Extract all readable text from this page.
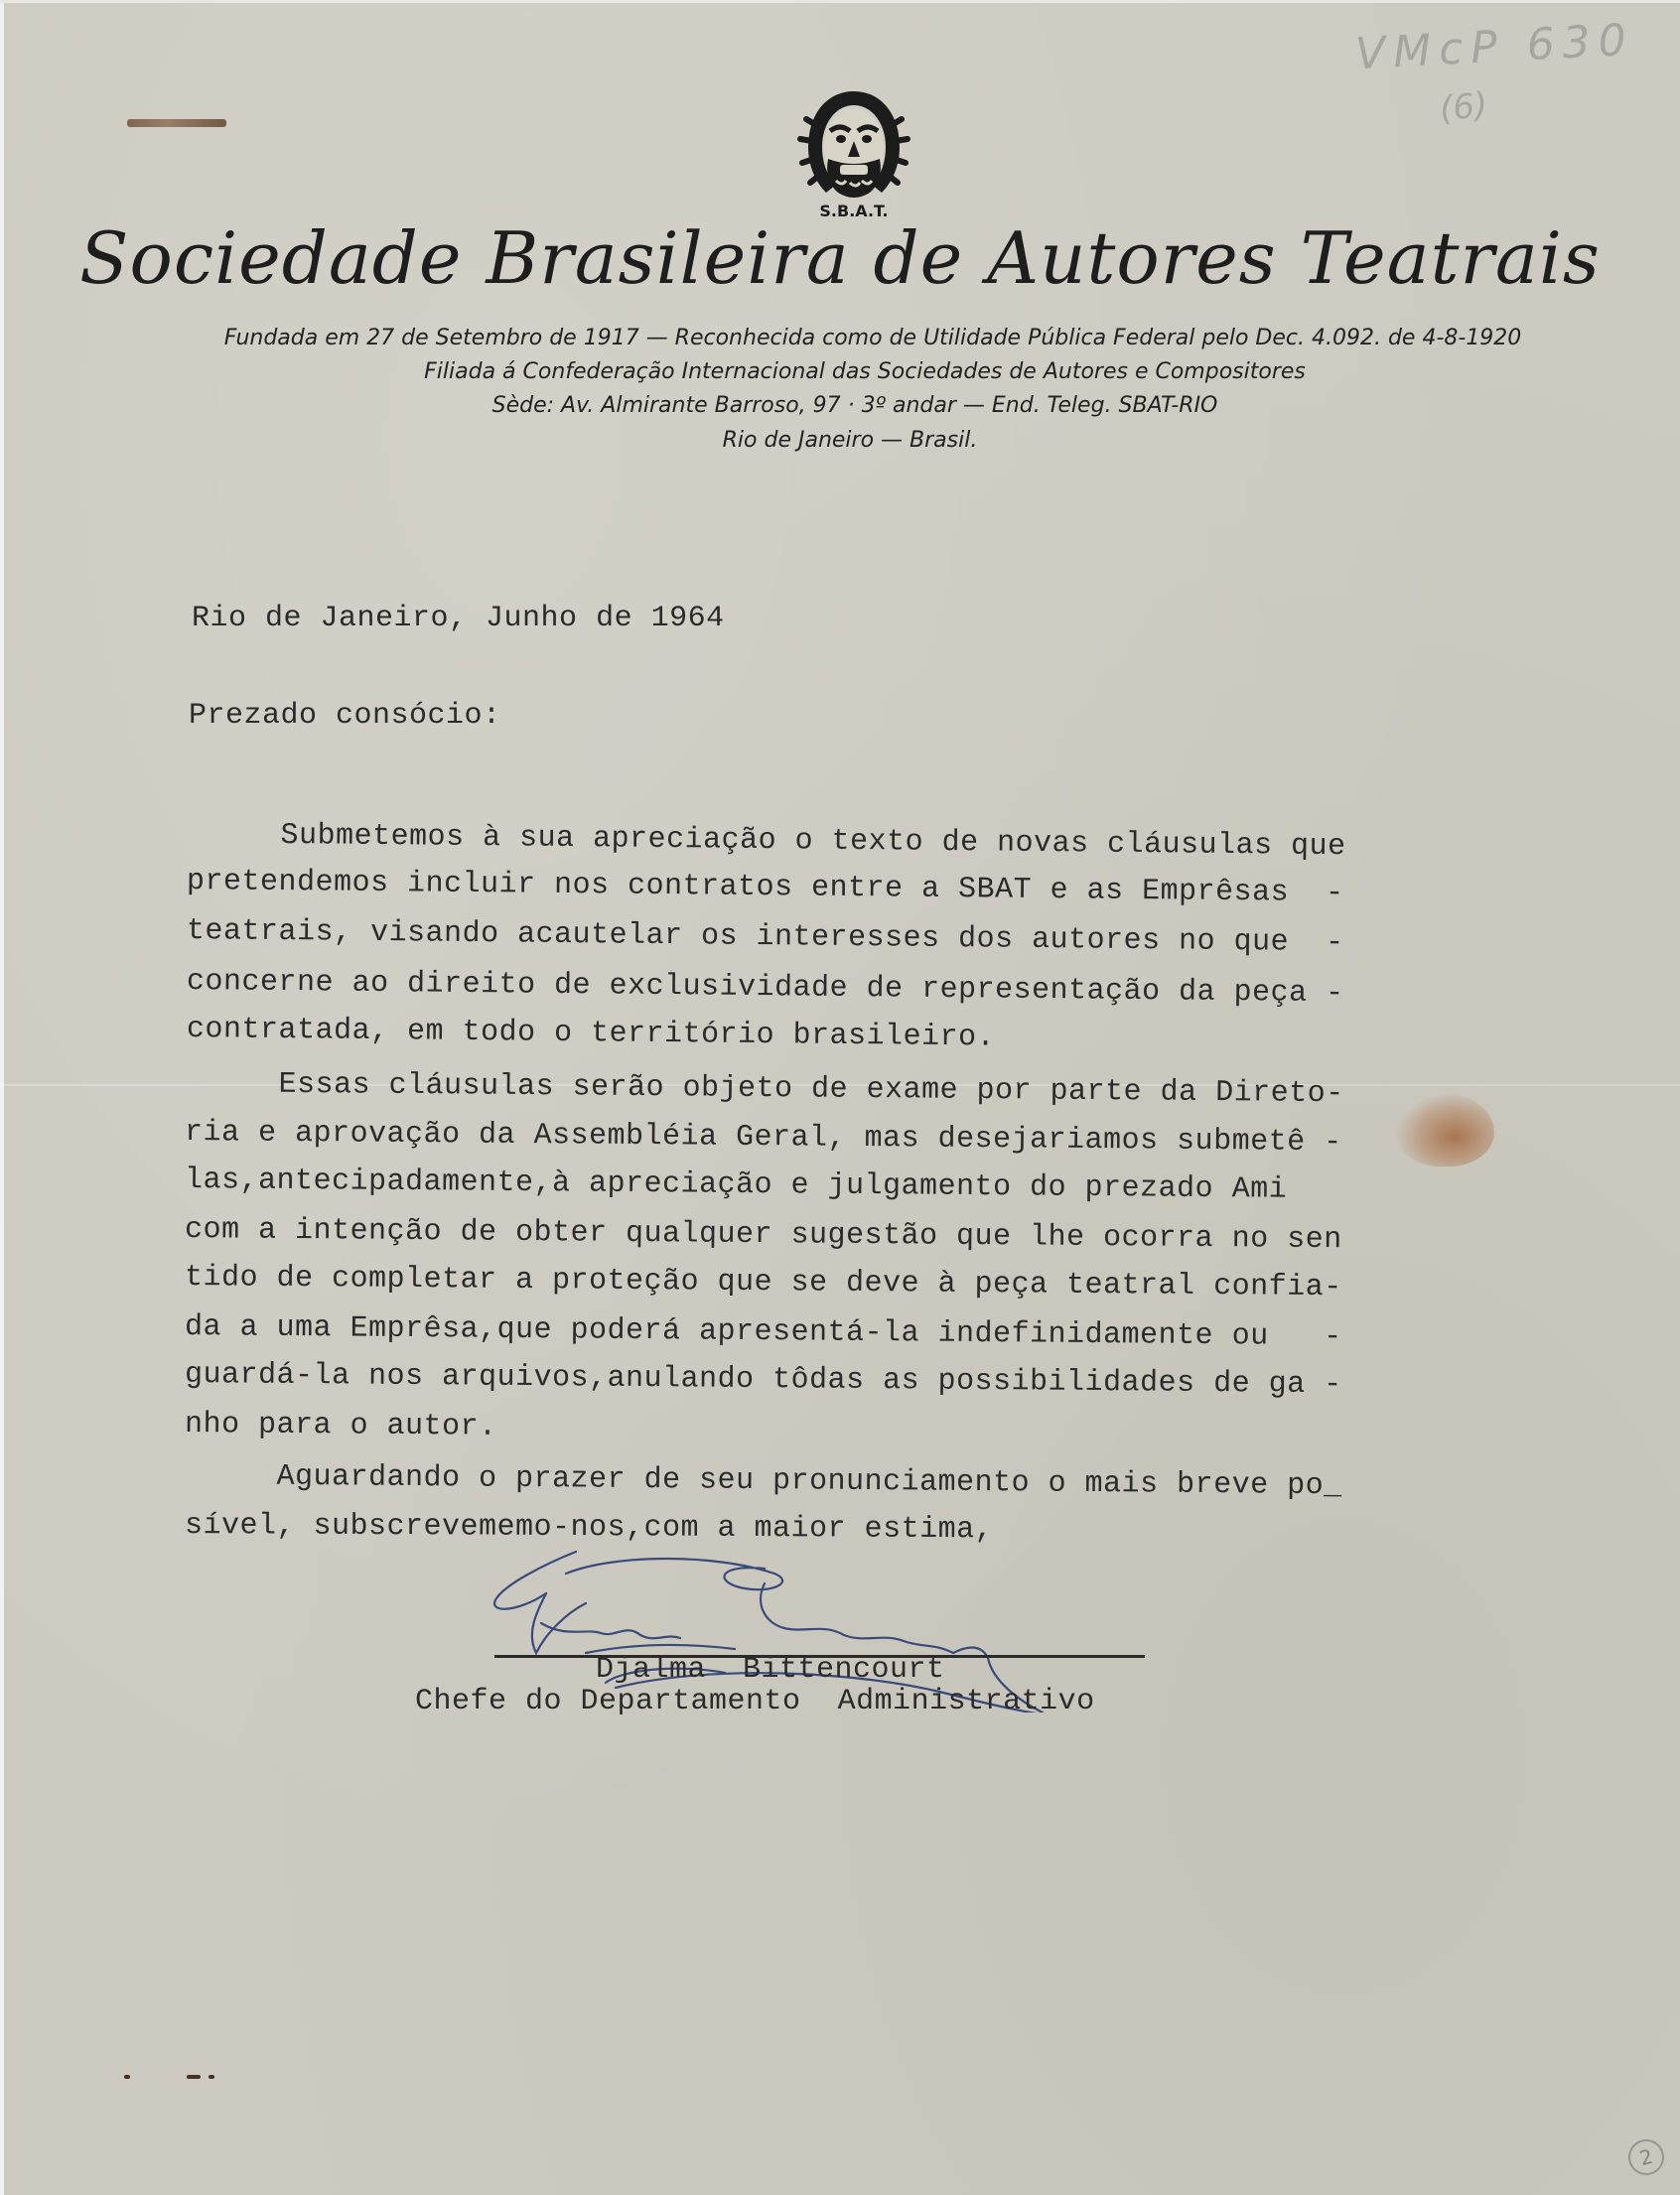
VMcP 630
(6)
S.B.A.T.
Sociedade Brasileira de Autores Teatrais
Fundada em 27 de Setembro de 1917 — Reconhecida como de Utilidade Pública Federal pelo Dec. 4.092. de 4-8-1920
Filiada á Confederação Internacional das Sociedades de Autores e Compositores
Sède: Av. Almirante Barroso, 97 · 3º andar — End. Teleg. SBAT-RIO
Rio de Janeiro — Brasil.
Rio de Janeiro, Junho de 1964
Prezado consócio:
Submetemos à sua apreciação o texto de novas cláusulas que
pretendemos incluir nos contratos entre a SBAT e as Emprêsas  -
teatrais, visando acautelar os interesses dos autores no que  -
concerne ao direito de exclusividade de representação da peça -
contratada, em todo o território brasileiro.
Essas cláusulas serão objeto de exame por parte da Direto-
ria e aprovação da Assembléia Geral, mas desejariamos submetê -
las,antecipadamente,à apreciação e julgamento do prezado Ami
com a intenção de obter qualquer sugestão que lhe ocorra no sen
tido de completar a proteção que se deve à peça teatral confia-
da a uma Emprêsa,que poderá apresentá-la indefinidamente ou   -
guardá-la nos arquivos,anulando tôdas as possibilidades de ga -
nho para o autor.
Aguardando o prazer de seu pronunciamento o mais breve po_
sível, subscrevememo-nos,com a maior estima,
Djalma  Bittencourt
Chefe do Departamento  Administrativo
2
